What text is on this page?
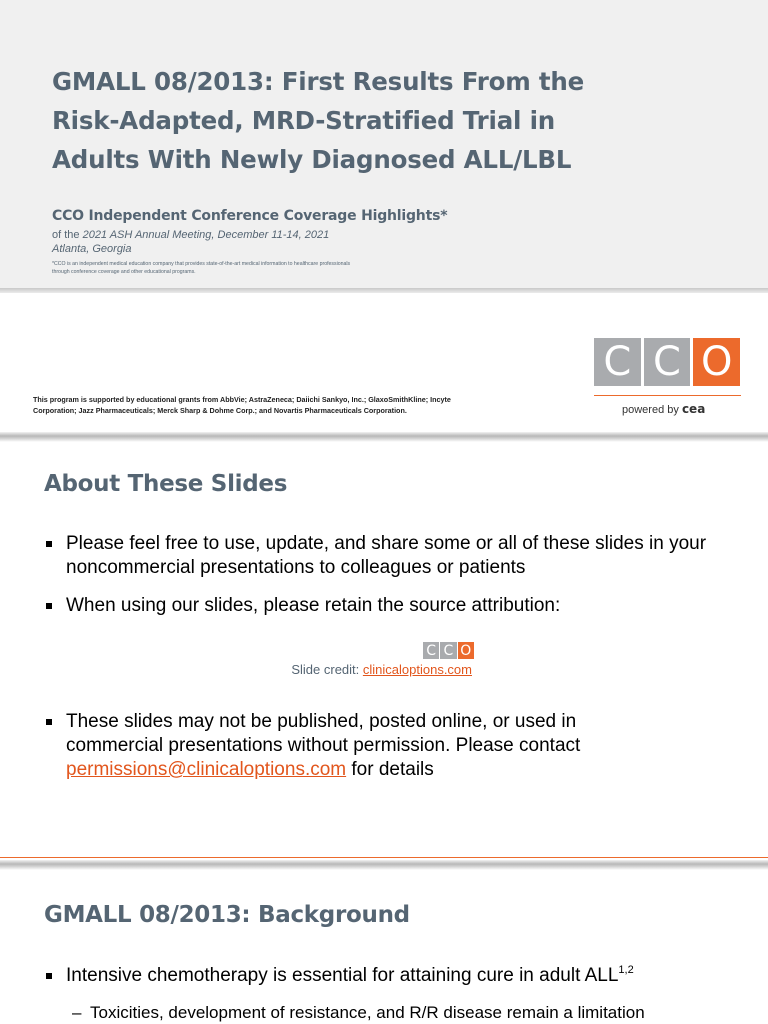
GMALL 08/2013: First Results From the
Risk-Adapted, MRD-Stratified Trial in
Adults With Newly Diagnosed ALL/LBL
CCO Independent Conference Coverage Highlights*
of the 2021 ASH Annual Meeting, December 11-14, 2021
Atlanta, Georgia
*CCO is an independent medical education company that provides state-of-the-art medical information to healthcare professionals through conference coverage and other educational programs.
This program is supported by educational grants from AbbVie; AstraZeneca; Daiichi Sankyo, Inc.; GlaxoSmithKline; Incyte Corporation; Jazz Pharmaceuticals; Merck Sharp & Dohme Corp.; and Novartis Pharmaceuticals Corporation.
C C O
powered by cea
About These Slides
Please feel free to use, update, and share some or all of these slides in your noncommercial presentations to colleagues or patients
When using our slides, please retain the source attribution:
C C O
Slide credit: clinicaloptions.com
These slides may not be published, posted online, or used in commercial presentations without permission. Please contact permissions@clinicaloptions.com for details
GMALL 08/2013: Background
Intensive chemotherapy is essential for attaining cure in adult ALL$^{1,2}$
– Toxicities, development of resistance, and R/R disease remain a limitation
